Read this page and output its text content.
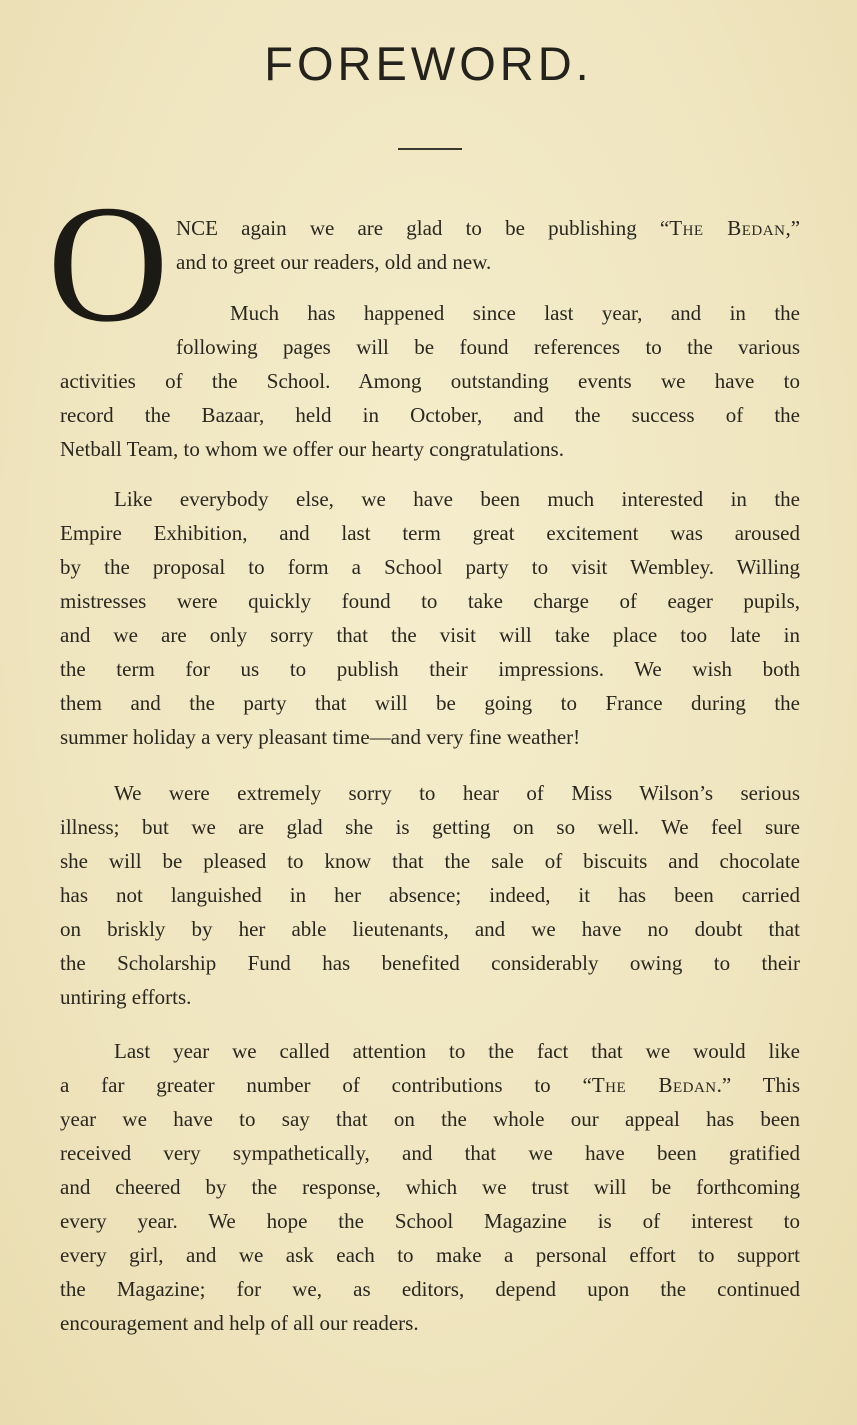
FOREWORD.
O NCE again we are glad to be publishing “The Bedan,”
and to greet our readers, old and new.
Much has happened since last year, and in the
following pages will be found references to the various
activities of the School. Among outstanding events we have to
record the Bazaar, held in October, and the success of the
Netball Team, to whom we offer our hearty congratulations.
Like everybody else, we have been much interested in the
Empire Exhibition, and last term great excitement was aroused
by the proposal to form a School party to visit Wembley. Willing
mistresses were quickly found to take charge of eager pupils,
and we are only sorry that the visit will take place too late in
the term for us to publish their impressions. We wish both
them and the party that will be going to France during the
summer holiday a very pleasant time—and very fine weather!
We were extremely sorry to hear of Miss Wilson’s serious
illness; but we are glad she is getting on so well. We feel sure
she will be pleased to know that the sale of biscuits and chocolate
has not languished in her absence; indeed, it has been carried
on briskly by her able lieutenants, and we have no doubt that
the Scholarship Fund has benefited considerably owing to their
untiring efforts.
Last year we called attention to the fact that we would like
a far greater number of contributions to “The Bedan.” This
year we have to say that on the whole our appeal has been
received very sympathetically, and that we have been gratified
and cheered by the response, which we trust will be forthcoming
every year. We hope the School Magazine is of interest to
every girl, and we ask each to make a personal effort to support
the Magazine; for we, as editors, depend upon the continued
encouragement and help of all our readers.
